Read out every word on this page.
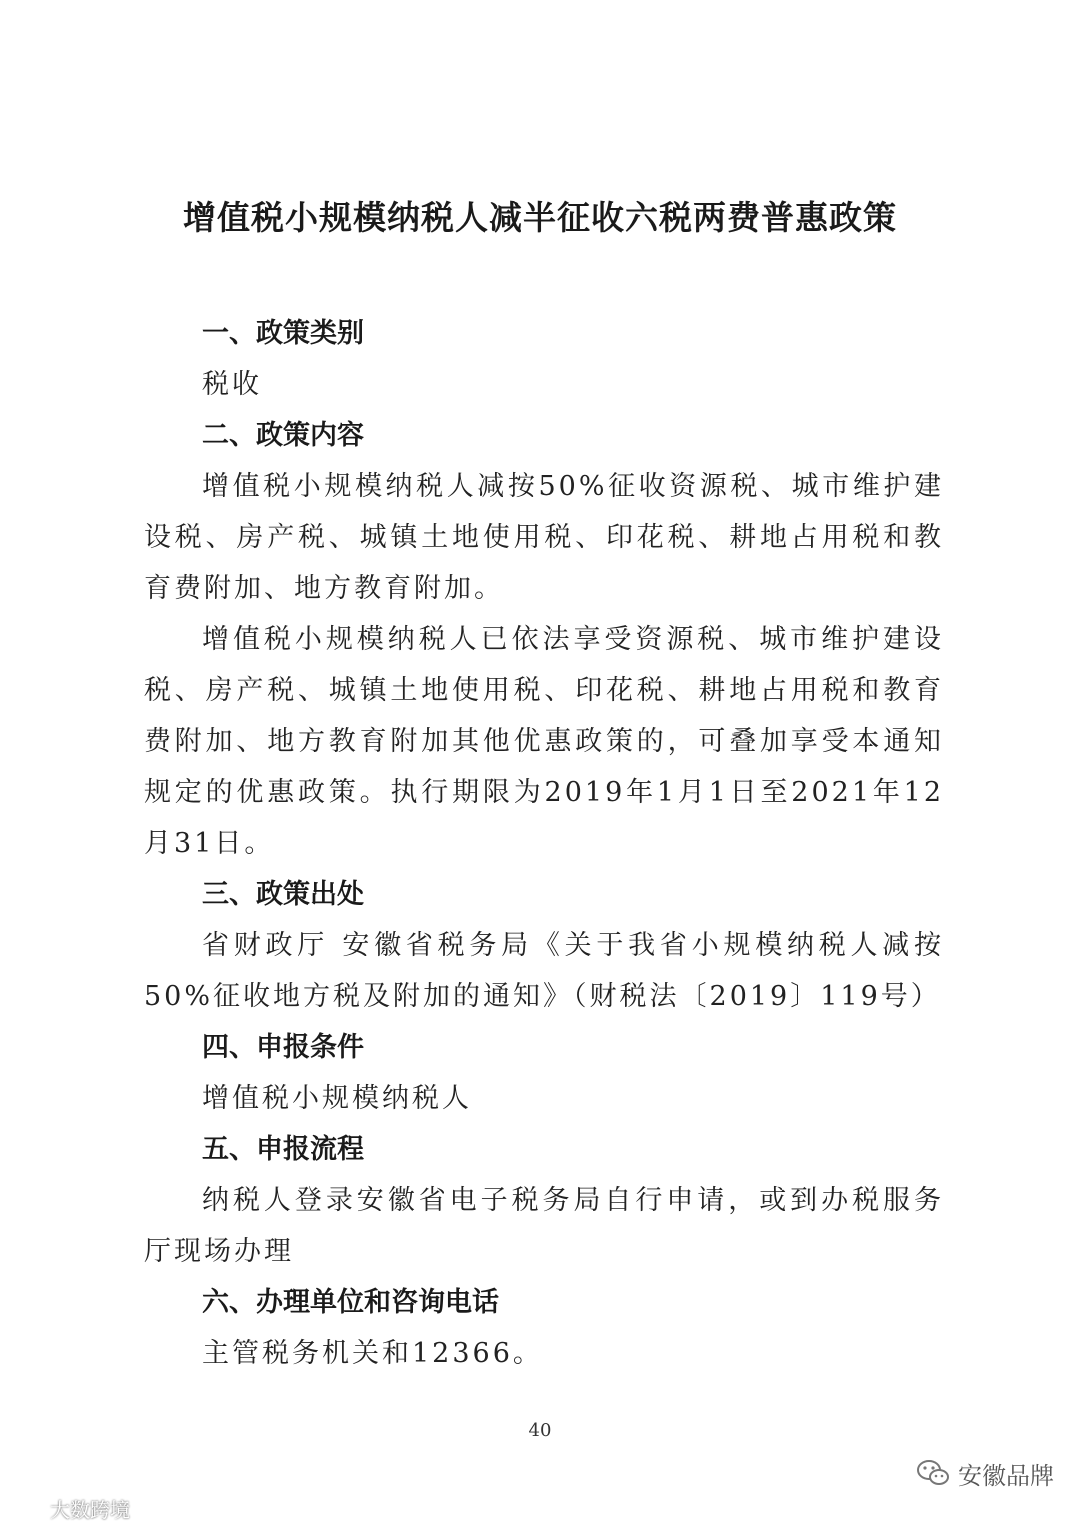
增值税小规模纳税人减半征收六税两费普惠政策
一、政策类别

税收

二、政策内容

增值税小规模纳税人减按50%征收资源税、城市维护建设税、房产税、城镇土地使用税、印花税、耕地占用税和教育费附加、地方教育附加。

增值税小规模纳税人已依法享受资源税、城市维护建设税、房产税、城镇土地使用税、印花税、耕地占用税和教育费附加、地方教育附加其他优惠政策的，可叠加享受本通知规定的优惠政策。执行期限为2019年1月1日至2021年12月31日。

三、政策出处

省财政厅 安徽省税务局《关于我省小规模纳税人减按50%征收地方税及附加的通知》（财税法〔2019〕119号）

四、申报条件

增值税小规模纳税人

五、申报流程

纳税人登录安徽省电子税务局自行申请，或到办税服务厅现场办理

六、办理单位和咨询电话

主管税务机关和12366。

40
大数跨境
安徽品牌
